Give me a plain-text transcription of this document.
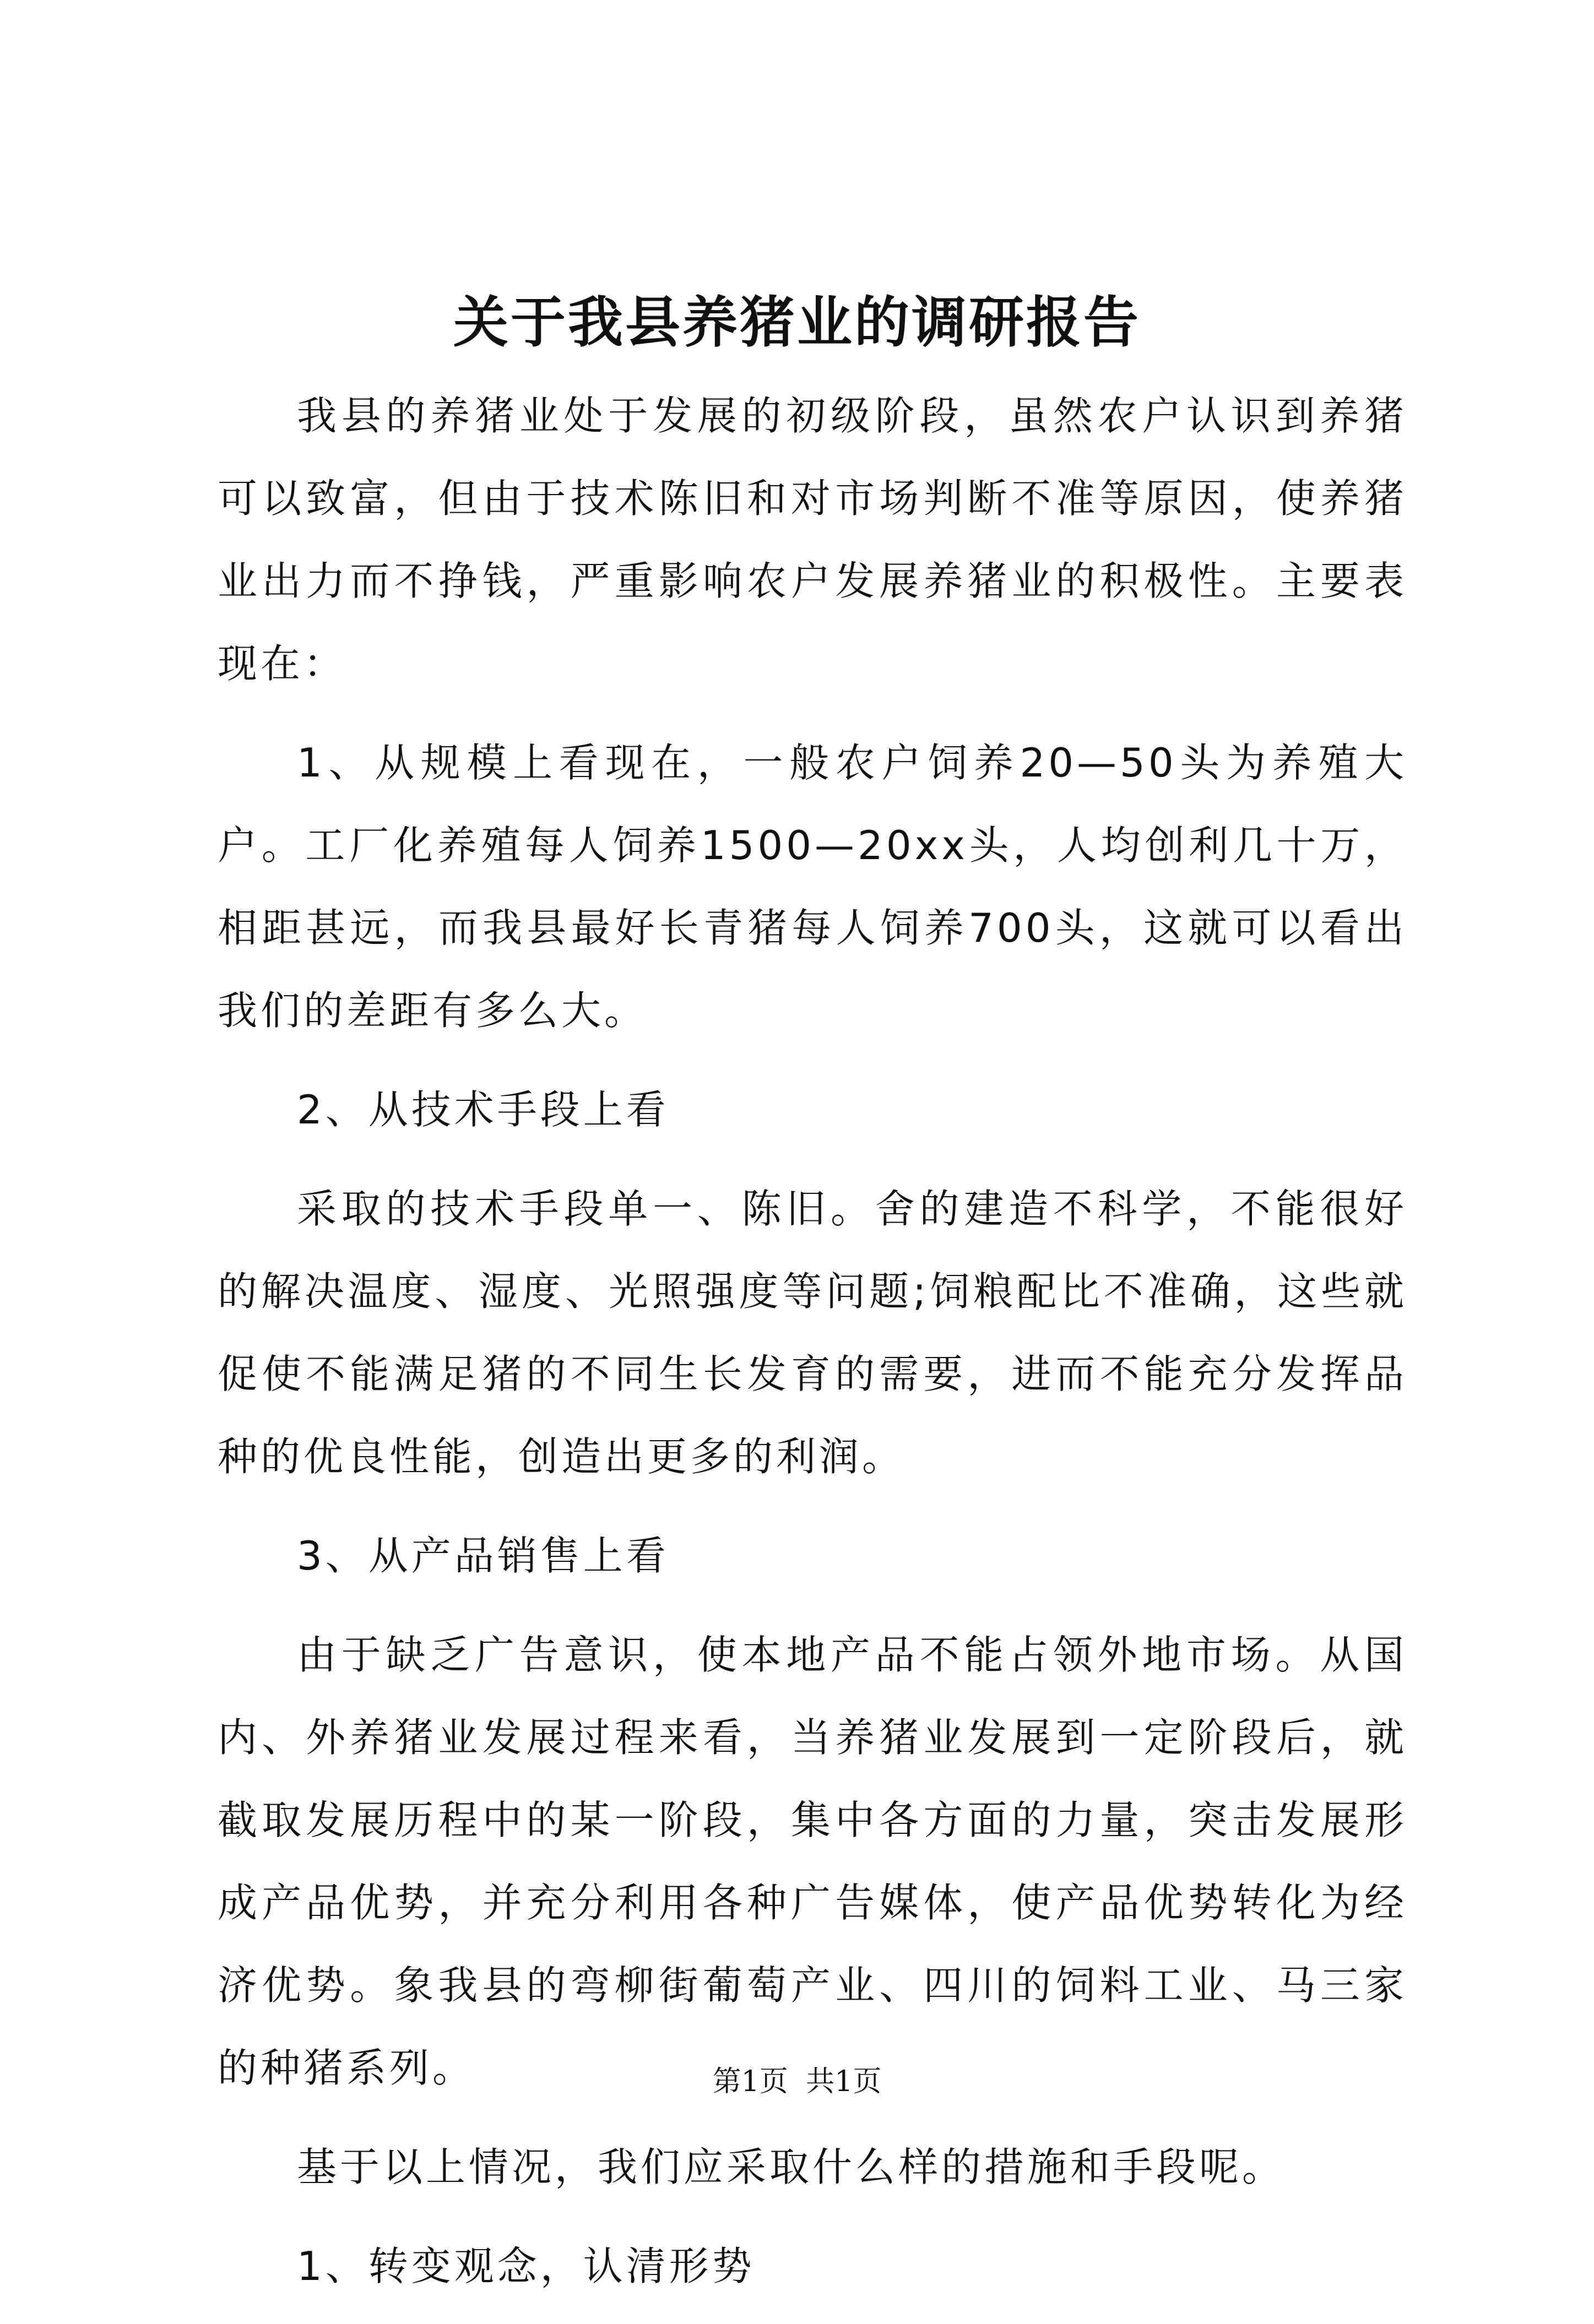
关于我县养猪业的调研报告

我县的养猪业处于发展的初级阶段，虽然农户认识到养猪可以致富，但由于技术陈旧和对市场判断不准等原因，使养猪业出力而不挣钱，严重影响农户发展养猪业的积极性。主要表现在：

1、从规模上看现在，一般农户饲养20—50头为养殖大户。工厂化养殖每人饲养1500—20xx头，人均创利几十万，相距甚远，而我县最好长青猪每人饲养700头，这就可以看出我们的差距有多么大。

2、从技术手段上看

采取的技术手段单一、陈旧。舍的建造不科学，不能很好的解决温度、湿度、光照强度等问题;饲粮配比不准确，这些就促使不能满足猪的不同生长发育的需要，进而不能充分发挥品种的优良性能，创造出更多的利润。

3、从产品销售上看

由于缺乏广告意识，使本地产品不能占领外地市场。从国内、外养猪业发展过程来看，当养猪业发展到一定阶段后，就截取发展历程中的某一阶段，集中各方面的力量，突击发展形成产品优势，并充分利用各种广告媒体，使产品优势转化为经济优势。象我县的弯柳街葡萄产业、四川的饲料工业、马三家的种猪系列。

基于以上情况，我们应采取什么样的措施和手段呢。

1、转变观念，认清形势

第1页 共1页
